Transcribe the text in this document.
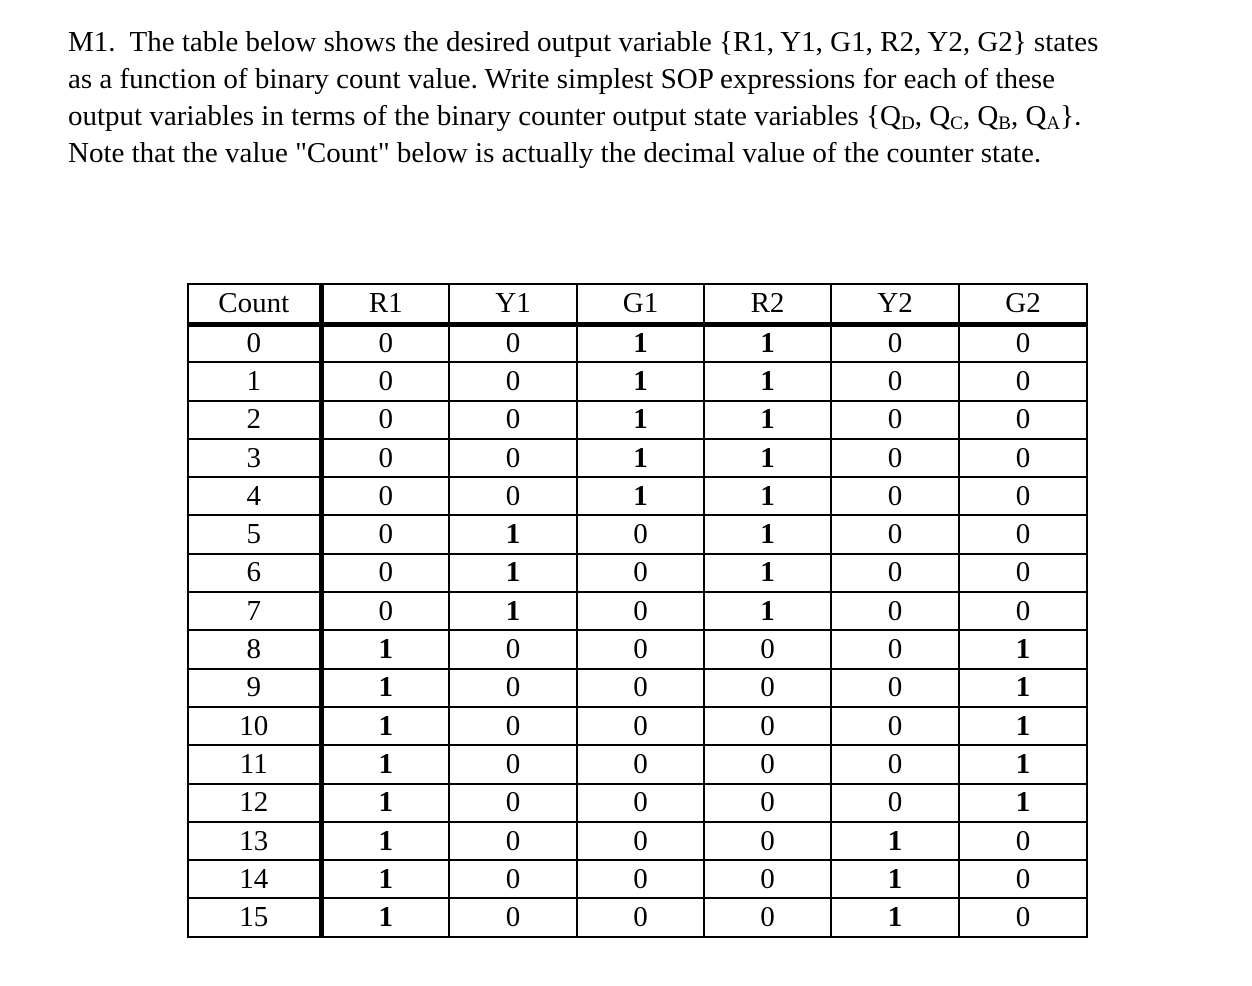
M1. The table below shows the desired output variable {R1, Y1, G1, R2, Y2, G2} states
as a function of binary count value. Write simplest SOP expressions for each of these
output variables in terms of the binary counter output state variables {$Q_D$, $Q_C$, $Q_B$, $Q_A$}.
Note that the value "Count" below is actually the decimal value of the counter state.
Count	R1	Y1	G1	R2	Y2	G2
0	0	0	1	1	0	0
1	0	0	1	1	0	0
2	0	0	1	1	0	0
3	0	0	1	1	0	0
4	0	0	1	1	0	0
5	0	1	0	1	0	0
6	0	1	0	1	0	0
7	0	1	0	1	0	0
8	1	0	0	0	0	1
9	1	0	0	0	0	1
10	1	0	0	0	0	1
11	1	0	0	0	0	1
12	1	0	0	0	0	1
13	1	0	0	0	1	0
14	1	0	0	0	1	0
15	1	0	0	0	1	0
